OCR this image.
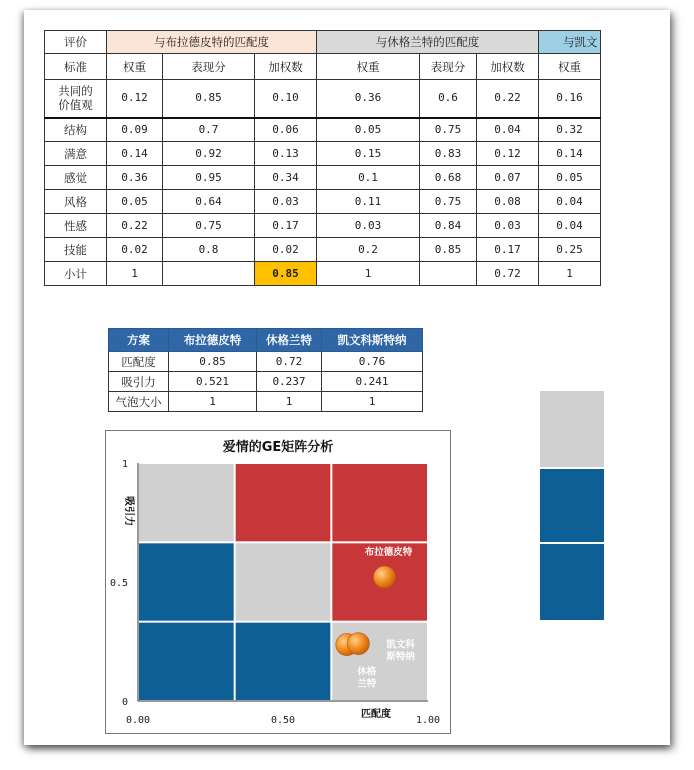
评价	与布拉德皮特的匹配度			与休格兰特的匹配度			与凯文
标准	权重	表现分	加权数	权重	表现分	加权数	权重
共同的
价值观	0.12	0.85	0.10	0.36	0.6	0.22	0.16
结构	0.09	0.7	0.06	0.05	0.75	0.04	0.32
满意	0.14	0.92	0.13	0.15	0.83	0.12	0.14
感觉	0.36	0.95	0.34	0.1	0.68	0.07	0.05
风格	0.05	0.64	0.03	0.11	0.75	0.08	0.04
性感	0.22	0.75	0.17	0.03	0.84	0.03	0.04
技能	0.02	0.8	0.02	0.2	0.85	0.17	0.25
小计	1		0.85	1		0.72	1
方案	布拉德皮特	休格兰特	凯文科斯特纳
匹配度	0.85	0.72	0.76
吸引力	0.521	0.237	0.241
气泡大小	1	1	1
爱情的GE矩阵分析
0
0.5
1
0.00	0.50	1.00
吸引力
匹配度
布拉德皮特
凯文科
斯特纳
休格
兰特
